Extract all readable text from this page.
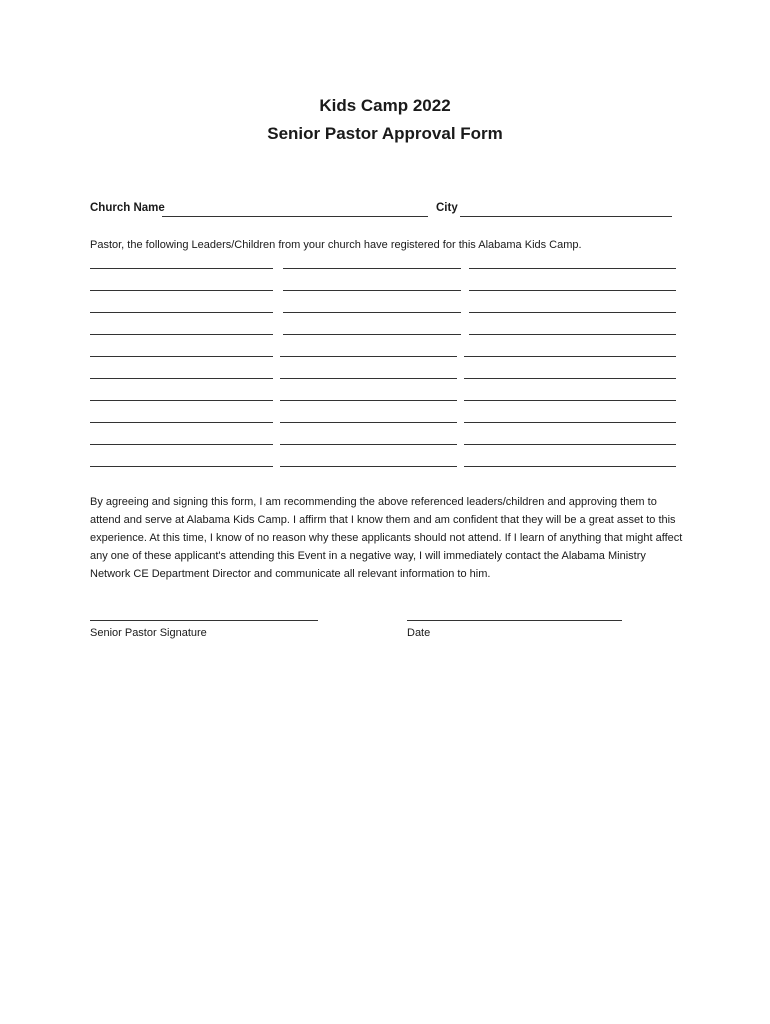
Kids Camp 2022
Senior Pastor Approval Form
Church Name	City
Pastor, the following Leaders/Children from your church have registered for this Alabama Kids Camp.

By agreeing and signing this form, I am recommending the above referenced leaders/children and approving them to attend and serve at Alabama Kids Camp. I affirm that I know them and am confident that they will be a great asset to this experience. At this time, I know of no reason why these applicants should not attend. If I learn of anything that might affect any one of these applicant's attending this Event in a negative way, I will immediately contact the Alabama Ministry Network CE Department Director and communicate all relevant information to him.

Senior Pastor Signature	Date
